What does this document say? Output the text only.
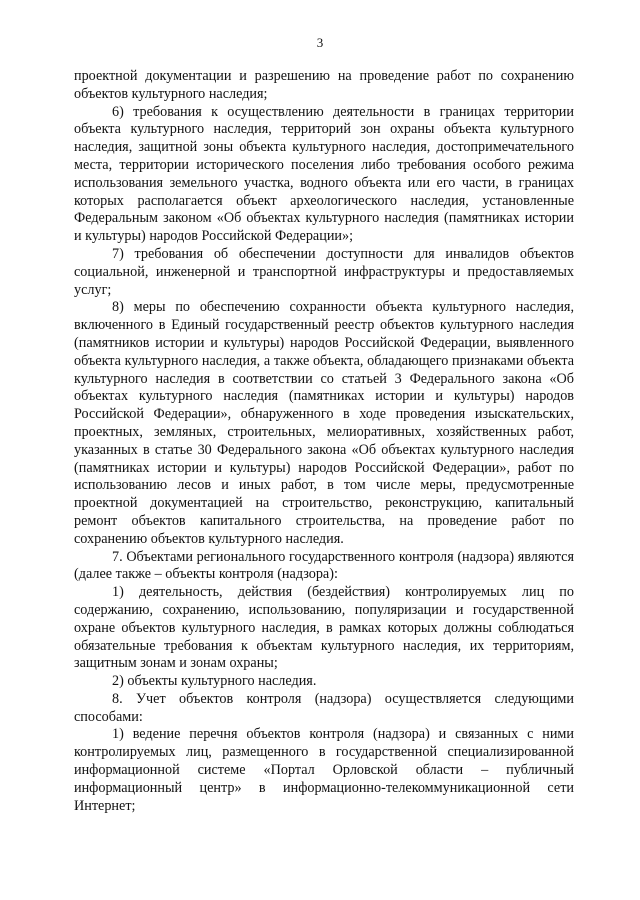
3

проектной документации и разрешению на проведение работ по сохранению объектов культурного наследия;

6) требования к осуществлению деятельности в границах территории объекта культурного наследия, территорий зон охраны объекта культурного наследия, защитной зоны объекта культурного наследия, достопримечательного места, территории исторического поселения либо требования особого режима использования земельного участка, водного объекта или его части, в границах которых располагается объект археологического наследия, установленные Федеральным законом «Об объектах культурного наследия (памятниках истории и культуры) народов Российской Федерации»;

7) требования об обеспечении доступности для инвалидов объектов социальной, инженерной и транспортной инфраструктуры и предоставляемых услуг;

8) меры по обеспечению сохранности объекта культурного наследия, включенного в Единый государственный реестр объектов культурного наследия (памятников истории и культуры) народов Российской Федерации, выявленного объекта культурного наследия, а также объекта, обладающего признаками объекта культурного наследия в соответствии со статьей 3 Федерального закона «Об объектах культурного наследия (памятниках истории и культуры) народов Российской Федерации», обнаруженного в ходе проведения изыскательских, проектных, земляных, строительных, мелиоративных, хозяйственных работ, указанных в статье 30 Федерального закона «Об объектах культурного наследия (памятниках истории и культуры) народов Российской Федерации», работ по использованию лесов и иных работ, в том числе меры, предусмотренные проектной документацией на строительство, реконструкцию, капитальный ремонт объектов капитального строительства, на проведение работ по сохранению объектов культурного наследия.

7. Объектами регионального государственного контроля (надзора) являются (далее также – объекты контроля (надзора):

1) деятельность, действия (бездействия) контролируемых лиц по содержанию, сохранению, использованию, популяризации и государственной охране объектов культурного наследия, в рамках которых должны соблюдаться обязательные требования к объектам культурного наследия, их территориям, защитным зонам и зонам охраны;

2) объекты культурного наследия.

8. Учет объектов контроля (надзора) осуществляется следующими способами:

1) ведение перечня объектов контроля (надзора) и связанных с ними контролируемых лиц, размещенного в государственной специализированной информационной системе «Портал Орловской области – публичный информационный центр» в информационно-телекоммуникационной сети Интернет;
